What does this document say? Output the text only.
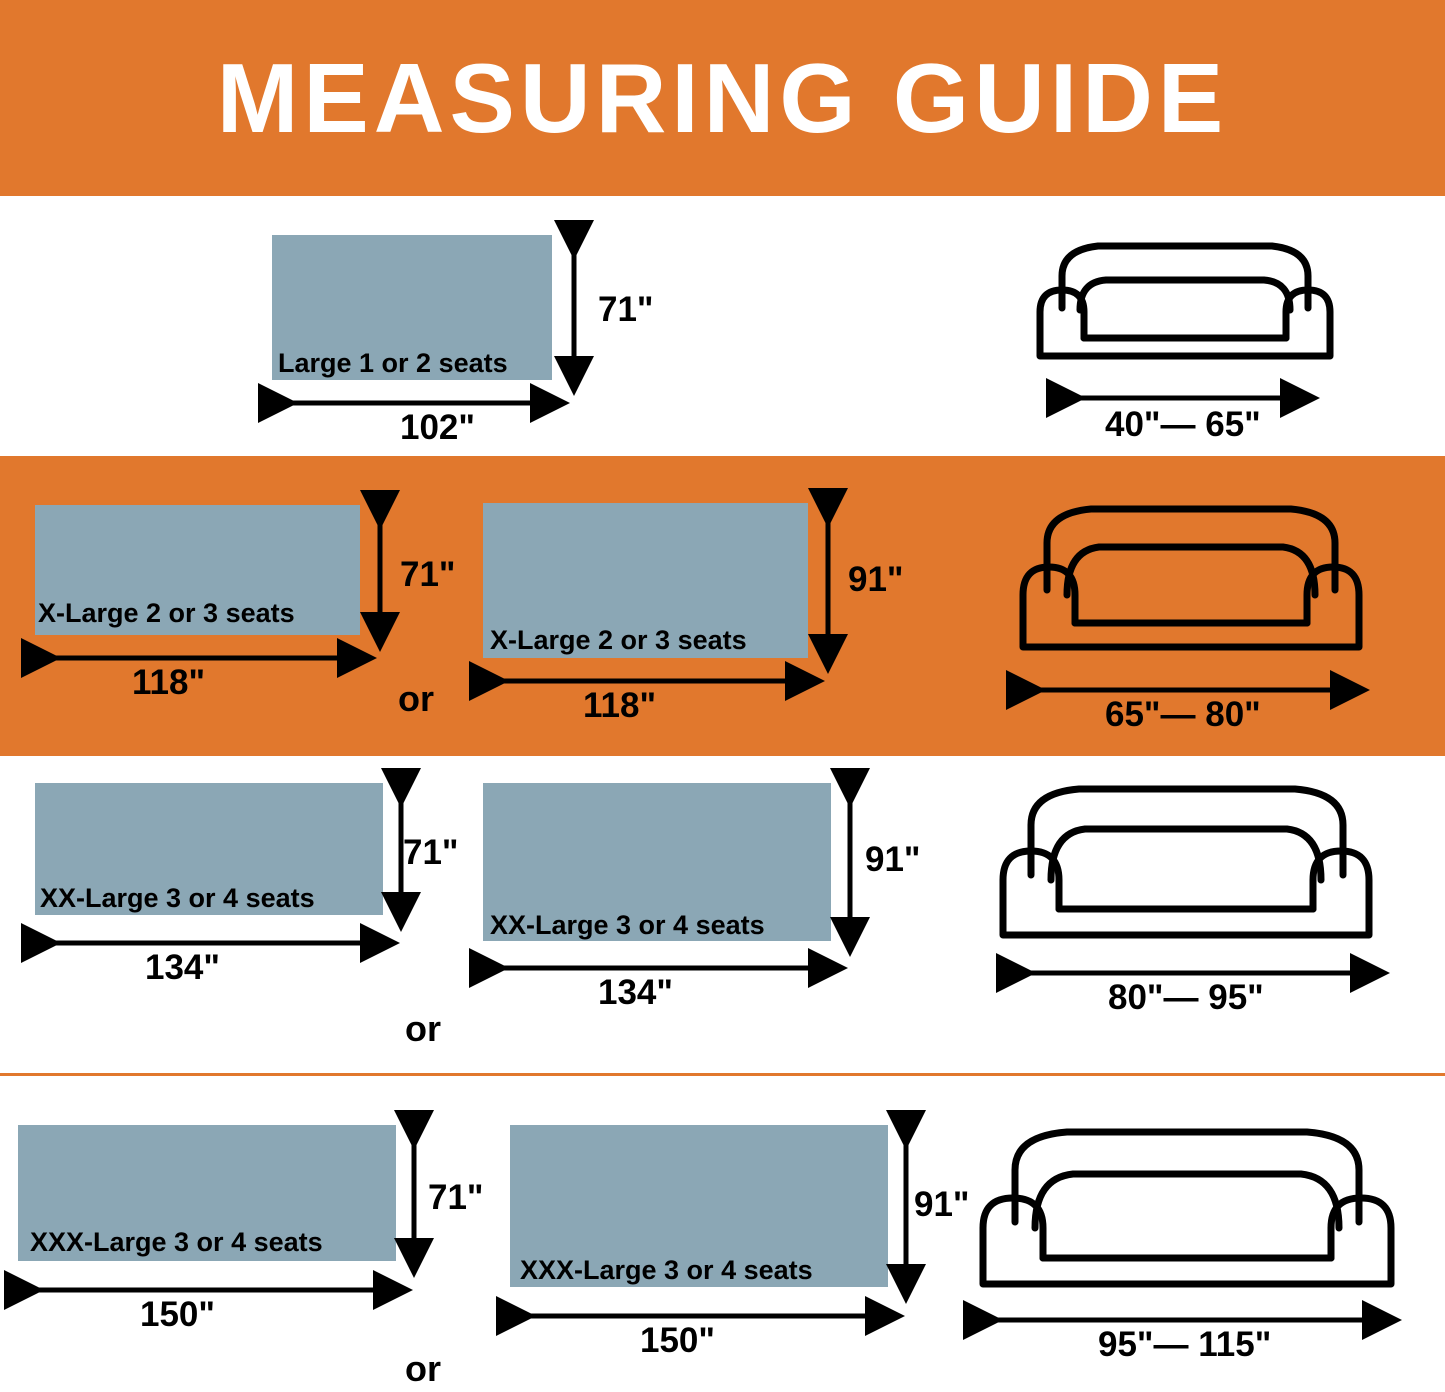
MEASURING GUIDE
Large 1 or 2 seats
71"
102"	40"— 65"
X-Large 2 or 3 seats
71"
118"	or
X-Large 2 or 3 seats
91"
118"	65"— 80"
XX-Large 3 or 4 seats
71"
134"
or
XX-Large 3 or 4 seats
91"
134"	80"— 95"
XXX-Large 3 or 4 seats
71"
150"
or
XXX-Large 3 or 4 seats
91"
150"	95"— 115"
